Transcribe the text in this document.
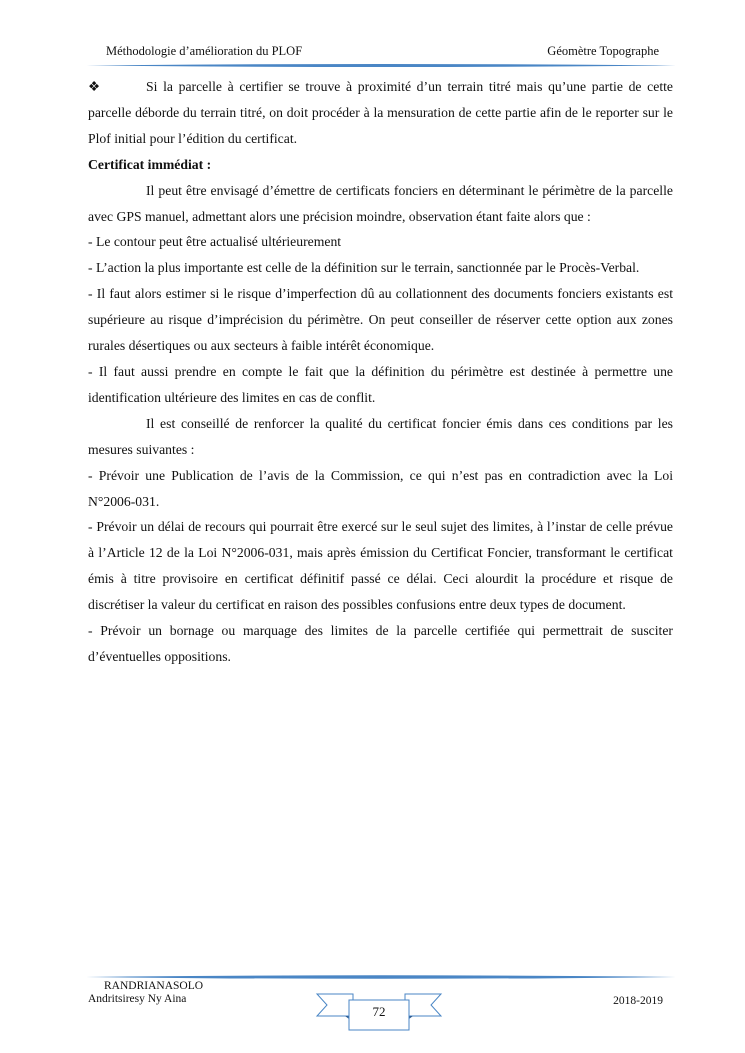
Méthodologie d’amélioration du PLOF	Géomètre Topographe

❖	Si la parcelle à certifier se trouve à proximité d’un terrain titré mais qu’une partie de cette parcelle déborde du terrain titré, on doit procéder à la mensuration de cette partie afin de le reporter sur le Plof initial pour l’édition du certificat.

Certificat immédiat :

Il peut être envisagé d’émettre de certificats fonciers en déterminant le périmètre de la parcelle avec GPS manuel, admettant alors une précision moindre, observation étant faite alors que :

- Le contour peut être actualisé ultérieurement

- L’action la plus importante est celle de la définition sur le terrain, sanctionnée par le Procès-Verbal.

- Il faut alors estimer si le risque d’imperfection dû au collationnent des documents fonciers existants est supérieure au risque d’imprécision du périmètre. On peut conseiller de réserver cette option aux zones rurales désertiques ou aux secteurs à faible intérêt économique.

- Il faut aussi prendre en compte le fait que la définition du périmètre est destinée à permettre une identification ultérieure des limites en cas de conflit.

Il est conseillé de renforcer la qualité du certificat foncier émis dans ces conditions par les mesures suivantes :

- Prévoir une Publication de l’avis de la Commission, ce qui n’est pas en contradiction avec la Loi N°2006-031.

- Prévoir un délai de recours qui pourrait être exercé sur le seul sujet des limites, à l’instar de celle prévue à l’Article 12 de la Loi N°2006-031, mais après émission du Certificat Foncier, transformant le certificat émis à titre provisoire en certificat définitif passé ce délai. Ceci alourdit la procédure et risque de discrétiser la valeur du certificat en raison des possibles confusions entre deux types de document.

- Prévoir un bornage ou marquage des limites de la parcelle certifiée qui permettrait de susciter d’éventuelles oppositions.

RANDRIANASOLO
Andritsiresy Ny Aina
72
2018-2019
